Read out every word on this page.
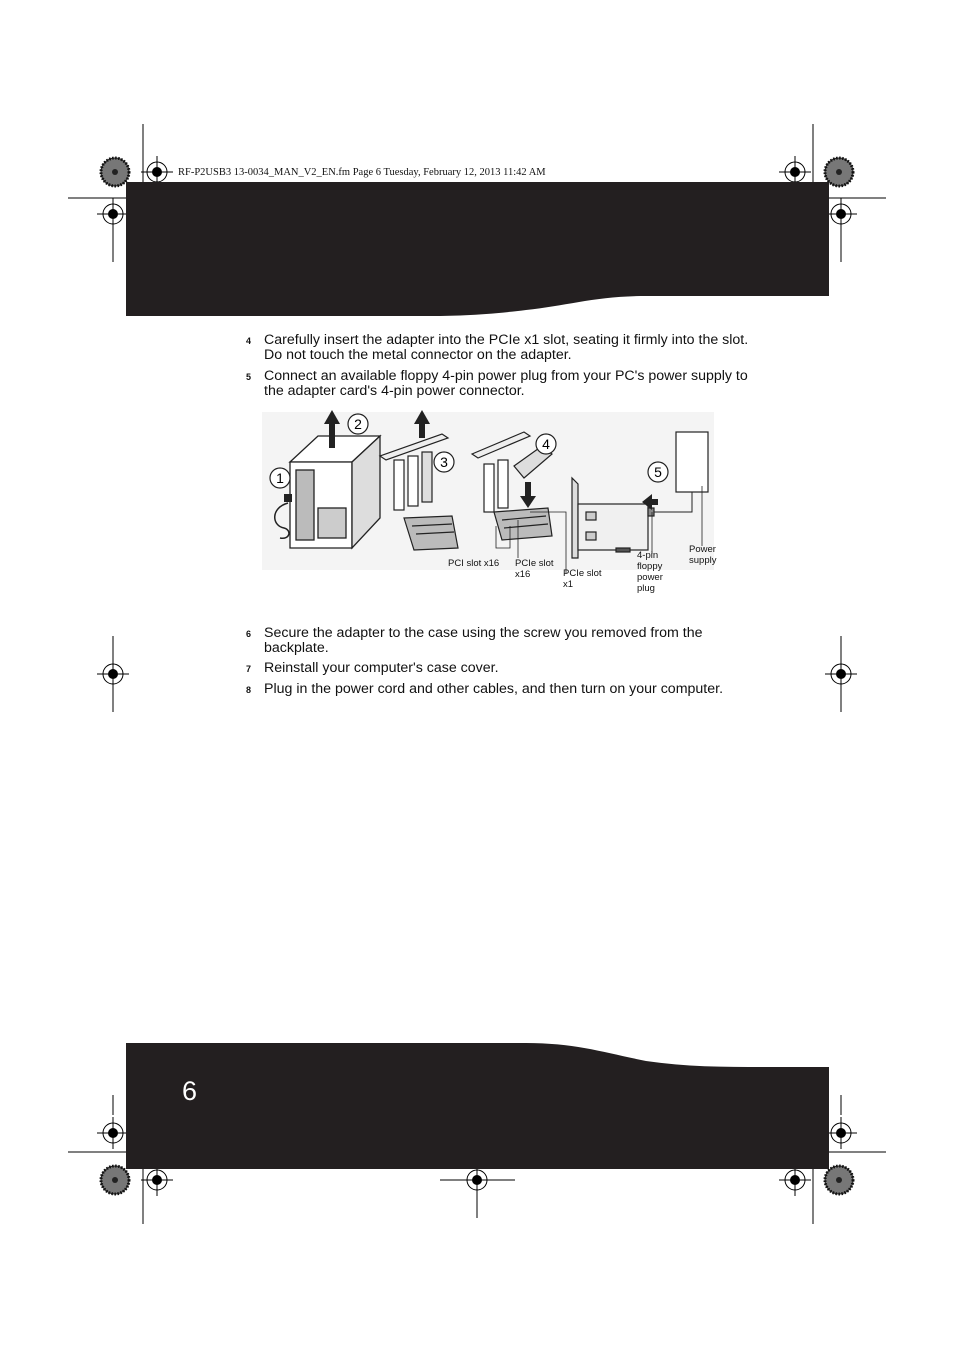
RF-P2USB3 13-0034_MAN_V2_EN.fm Page 6 Tuesday, February 12, 2013 11:42 AM
4 Carefully insert the adapter into the PCIe x1 slot, seating it firmly into the slot. Do not touch the metal connector on the adapter.
5 Connect an available floppy 4-pin power plug from your PC's power supply to the adapter card's 4-pin power connector.
1
2
3
4
5
PCI slot x16	PCIe slot x16	PCIe slot x1
4-pin floppy power plug
Power supply
6 Secure the adapter to the case using the screw you removed from the backplate.
7 Reinstall your computer's case cover.
8 Plug in the power cord and other cables, and then turn on your computer.
6
